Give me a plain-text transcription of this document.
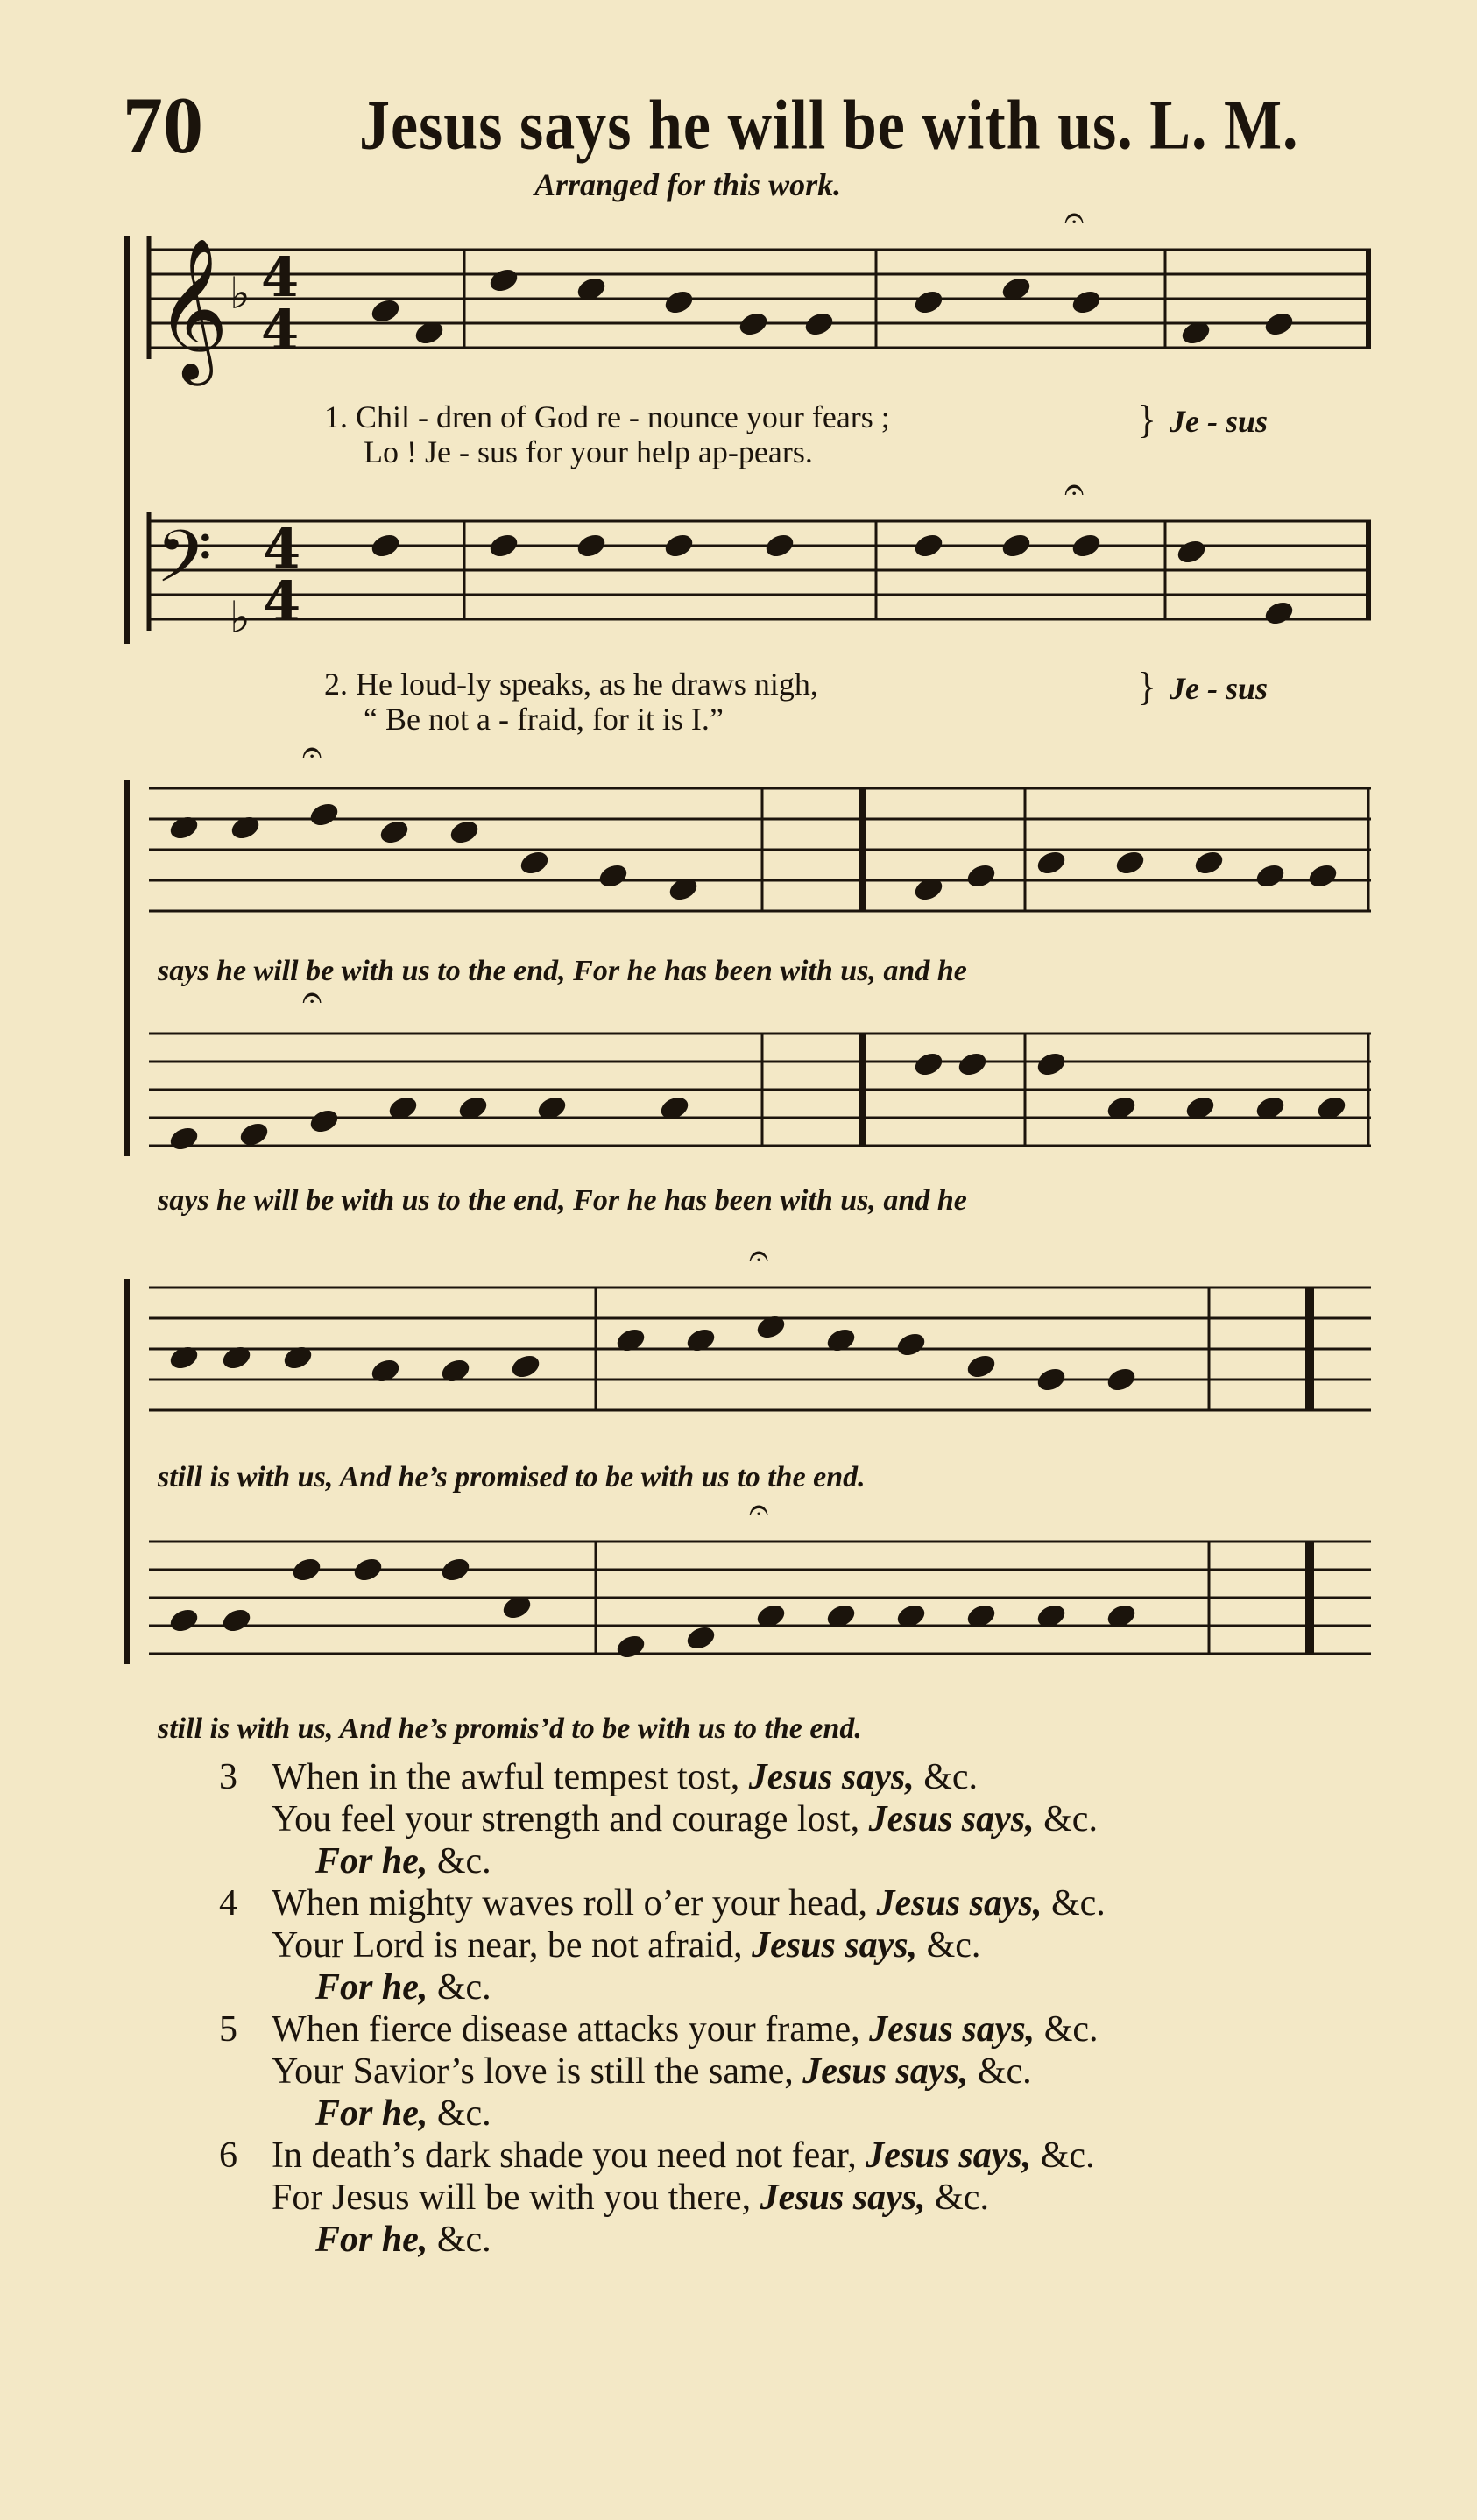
70	Jesus says he will be with us. L. M.
Arranged for this work.
𝄞 ♭ 4
4
𝄢 4
♭ 4
𝄐
𝄐
𝄐
𝄐
𝄐
𝄐
1. Chil - dren of God re - nounce your fears ;
Lo ! Je - sus for your help ap-pears.
} Je - sus
2. He loud-ly speaks, as he draws nigh,
“ Be not a - fraid, for it is I.”
} Je - sus
says he will be with us to the end, For he has been with us, and he
says he will be with us to the end, For he has been with us, and he
still is with us, And he’s promised to be with us to the end.
still is with us, And he’s promis’d to be with us to the end.
3 When in the awful tempest tost, Jesus says, &c.
You feel your strength and courage lost, Jesus says, &c.
For he, &c.
4 When mighty waves roll o’er your head, Jesus says, &c.
Your Lord is near, be not afraid, Jesus says, &c.
For he, &c.
5 When fierce disease attacks your frame, Jesus says, &c.
Your Savior’s love is still the same, Jesus says, &c.
For he, &c.
6 In death’s dark shade you need not fear, Jesus says, &c.
For Jesus will be with you there, Jesus says, &c.
For he, &c.
